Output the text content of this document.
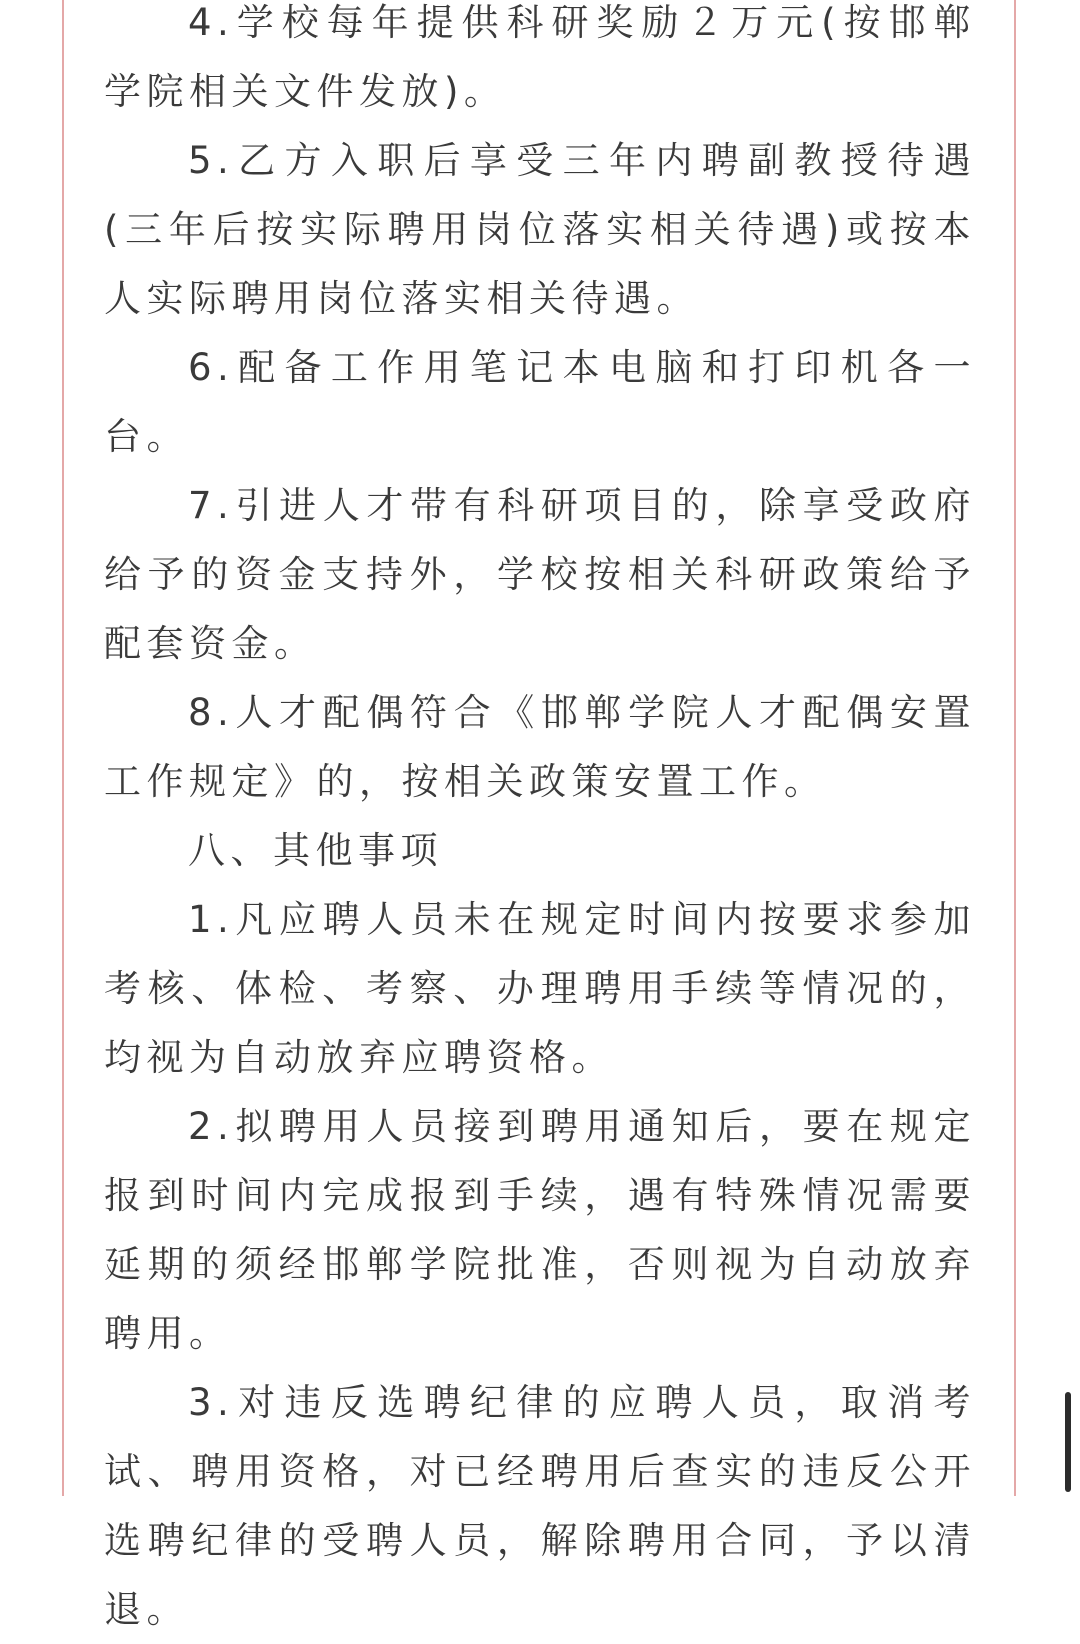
4.学校每年提供科研奖励２万元(按邯郸学院相关文件发放)。

5.乙方入职后享受三年内聘副教授待遇(三年后按实际聘用岗位落实相关待遇)或按本人实际聘用岗位落实相关待遇。

6.配备工作用笔记本电脑和打印机各一台。

7.引进人才带有科研项目的，除享受政府给予的资金支持外，学校按相关科研政策给予配套资金。

8.人才配偶符合《邯郸学院人才配偶安置工作规定》的，按相关政策安置工作。

八、其他事项

1.凡应聘人员未在规定时间内按要求参加考核、体检、考察、办理聘用手续等情况的，均视为自动放弃应聘资格。

2.拟聘用人员接到聘用通知后，要在规定报到时间内完成报到手续，遇有特殊情况需要延期的须经邯郸学院批准，否则视为自动放弃聘用。

3.对违反选聘纪律的应聘人员，取消考试、聘用资格，对已经聘用后查实的违反公开选聘纪律的受聘人员，解除聘用合同，予以清退。
